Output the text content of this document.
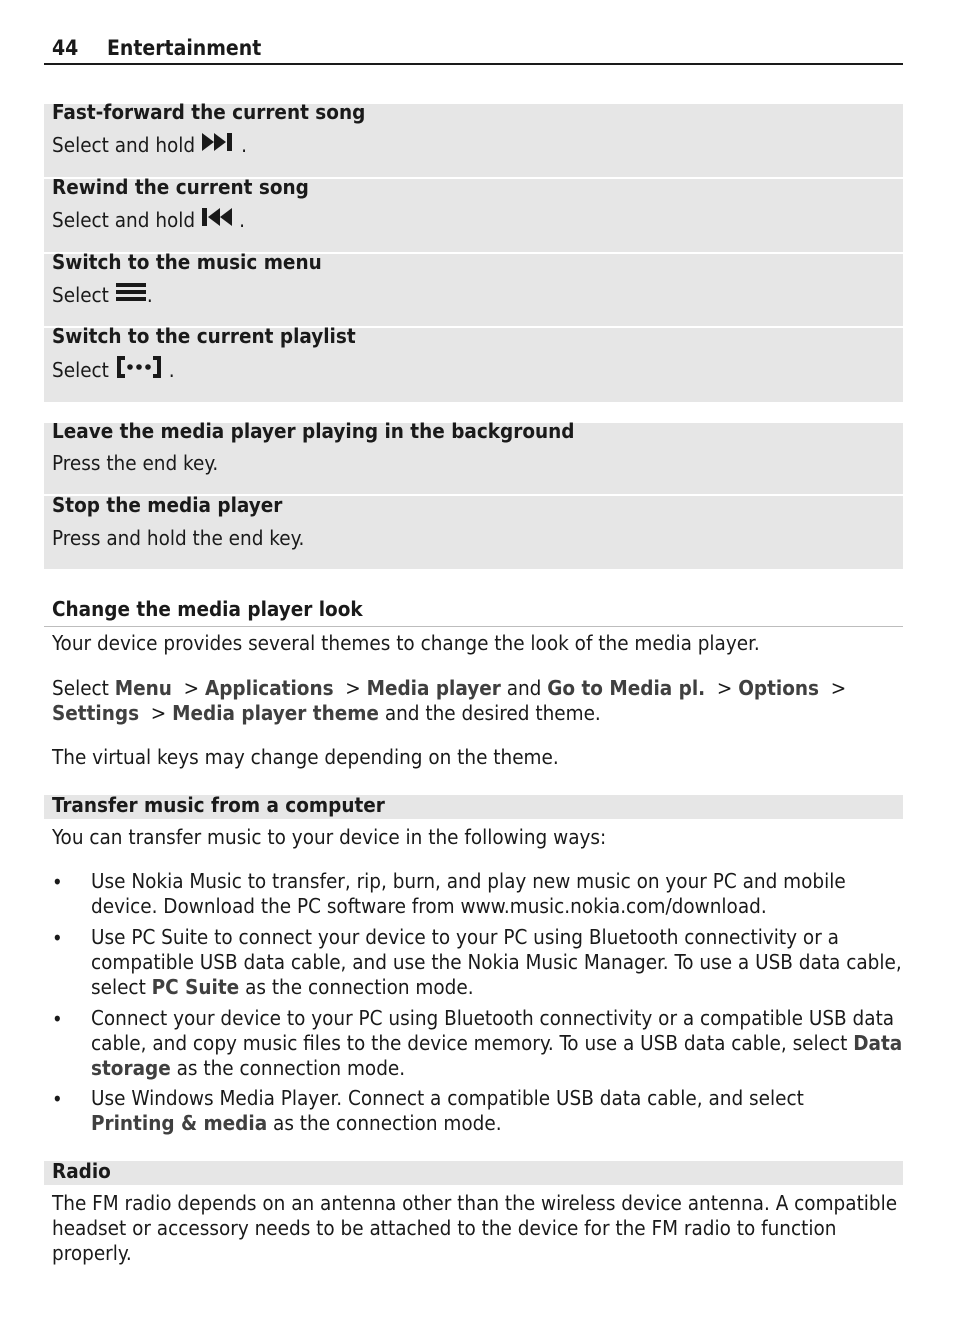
44 Entertainment
Fast-forward the current song
Select and hold .
Rewind the current song
Select and hold .
Switch to the music menu
Select .
Switch to the current playlist
Select	.
Leave the media player playing in the background
Press the end key.
Stop the media player
Press and hold the end key.
Change the media player look
Your device provides several themes to change the look of the media player.
Select Menu > Applications > Media player and Go to Media pl. > Options >
Settings > Media player theme and the desired theme.
The virtual keys may change depending on the theme.
Transfer music from a computer
You can transfer music to your device in the following ways:
• Use Nokia Music to transfer, rip, burn, and play new music on your PC and mobile device. Download the PC software from www.music.nokia.com/download.
• Use PC Suite to connect your device to your PC using Bluetooth connectivity or a compatible USB data cable, and use the Nokia Music Manager. To use a USB data cable, select PC Suite as the connection mode.
• Connect your device to your PC using Bluetooth connectivity or a compatible USB data cable, and copy music files to the device memory. To use a USB data cable, select Data storage as the connection mode.
• Use Windows Media Player. Connect a compatible USB data cable, and select
Printing & media as the connection mode.
Radio
The FM radio depends on an antenna other than the wireless device antenna. A compatible headset or accessory needs to be attached to the device for the FM radio to function properly.
